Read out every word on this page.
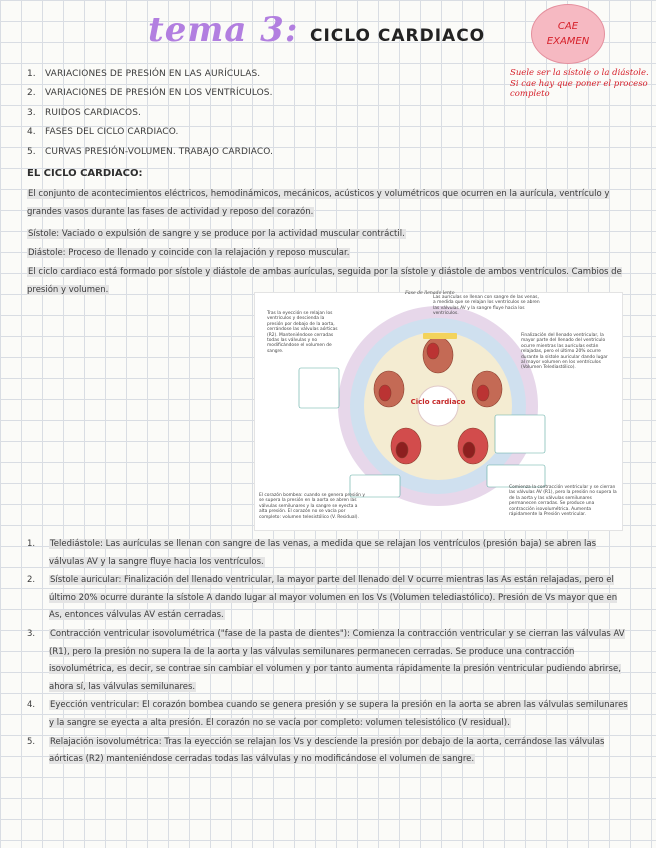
tema 3: CICLO CARDIACO	CAE
EXAMEN
Suele ser la sístole o la diástole. Si cae hay que poner el proceso completo
1.	VARIACIONES DE PRESIÓN EN LAS AURÍCULAS.
2.	VARIACIONES DE PRESIÓN EN LOS VENTRÍCULOS.
3.	RUIDOS CARDIACOS.
4.	FASES DEL CICLO CARDIACO.
5.	CURVAS PRESIÓN-VOLUMEN. TRABAJO CARDIACO.
EL CICLO CARDIACO:
El conjunto de acontecimientos eléctricos, hemodinámicos, mecánicos, acústicos y volumétricos que ocurren en la aurícula, ventrículo y grandes vasos durante las fases de actividad y reposo del corazón.
Sístole: Vaciado o expulsión de sangre y se produce por la actividad muscular contráctil.
Diástole: Proceso de llenado y coincide con la relajación y reposo muscular.
El ciclo cardiaco está formado por sístole y diástole de ambas aurículas, seguida por la sístole y diástole de ambos ventrículos. Cambios de presión y volumen.
Ciclo cardiaco
Tras la eyección se relajan los ventrículos y descienda la presión por debajo de la aorta, cerrándose las válvulas aórticas (R2). Manteniéndose cerradas todas las válvulas y no modificándose el volumen de sangre.
Fase de llenado lento
Las aurículas se llenan con sangre de las venas, a medida que se relajan los ventrículos se abren las válvulas AV y la sangre fluye hacia los ventrículos.
Finalización del llenado ventricular, la mayor parte del llenado del ventrículo ocurre mientras las aurículas están relajadas, pero el último 20% ocurre durante la sístole auricular dando lugar al mayor volumen en los ventrículos (Volumen Telediastólico).
El corazón bombea: cuando se genera presión y se supera la presión en la aorta se abren las válvulas semilunares y la sangre se eyecta a alta presión. El corazón no se vacía por completo: volumen telesistólico (V. Residual).
Comienza la contracción ventricular y se cierran las válvulas AV (R1), pero la presión no supera la de la aorta y las válvulas semilunares permanecen cerradas. Se produce una contracción isovolumétrica. Aumenta rápidamente la Presión ventricular.
1.	Telediástole: Las aurículas se llenan con sangre de las venas, a medida que se relajan los ventrículos (presión baja) se abren las válvulas AV y la sangre fluye hacia los ventrículos.
2.	Sístole auricular: Finalización del llenado ventricular, la mayor parte del llenado del V ocurre mientras las As están relajadas, pero el último 20% ocurre durante la sístole A dando lugar al mayor volumen en los Vs (Volumen telediastólico). Presión de Vs mayor que en As, entonces válvulas AV están cerradas.
3.	Contracción ventricular isovolumétrica ("fase de la pasta de dientes"): Comienza la contracción ventricular y se cierran las válvulas AV (R1), pero la presión no supera la de la aorta y las válvulas semilunares permanecen cerradas. Se produce una contracción isovolumétrica, es decir, se contrae sin cambiar el volumen y por tanto aumenta rápidamente la presión ventricular pudiendo abrirse, ahora sí, las válvulas semilunares.
4.	Eyección ventricular: El corazón bombea cuando se genera presión y se supera la presión en la aorta se abren las válvulas semilunares y la sangre se eyecta a alta presión. El corazón no se vacía por completo: volumen telesistólico (V residual).
5.	Relajación isovolumétrica: Tras la eyección se relajan los Vs y desciende la presión por debajo de la aorta, cerrándose las válvulas aórticas (R2) manteniéndose cerradas todas las válvulas y no modificándose el volumen de sangre.
